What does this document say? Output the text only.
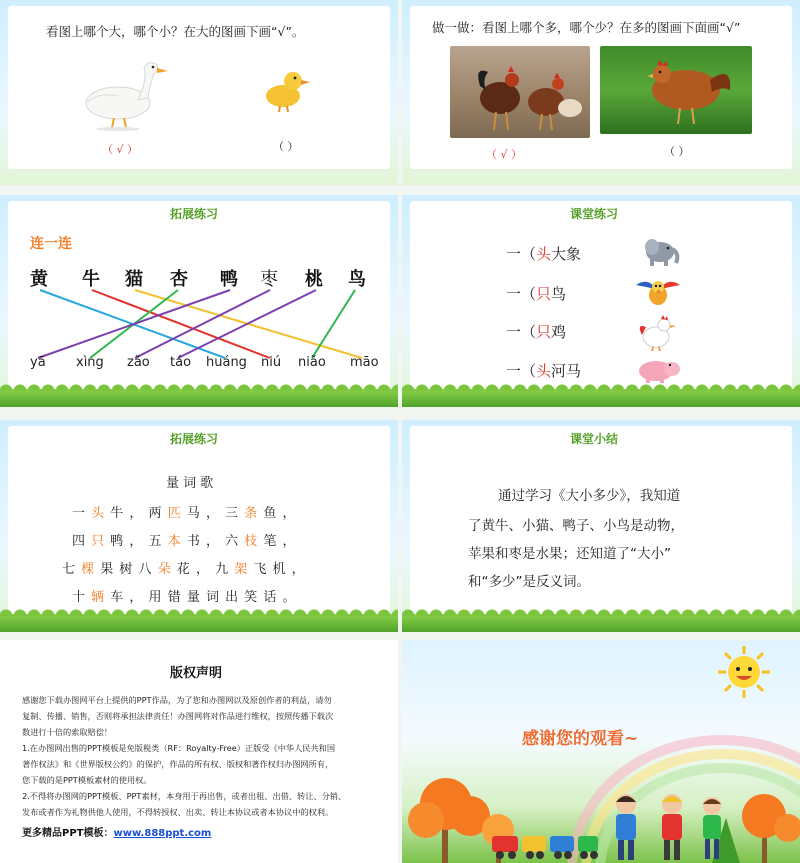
看图上哪个大，哪个小？在大的图画下画“√”。
（ √ ）	（ ）
做一做：看图上哪个多，哪个少？在多的图画下面画“√”
（ √ ）	（ ）
拓展练习
连一连
黄 牛 猫 杏 鸭 枣 桃 鸟
yā xìng zǎo táo huáng niú niǎo māo
课堂练习
一（头大象
一（只鸟
一（只鸡
一（头河马
拓展练习
量 词 歌
一 头 牛 ， 两 匹 马 ， 三 条 鱼 ，
四 只 鸭 ， 五 本 书 ， 六 枝 笔 ，
七 棵 果 树 八 朵 花 ， 九 架 飞 机 ，
十 辆 车 ， 用 错 量 词 出 笑 话 。
课堂小结
通过学习《大小多少》，我知道
了黄牛、小猫、鸭子、小鸟是动物，
苹果和枣是水果；还知道了“大小”
和“多少”是反义词。
版权声明
感谢您下载办图网平台上提供的PPT作品，为了您和办图网以及原创作者的利益，请勿
复制、传播、销售，否则将承担法律责任！办图网将对作品进行维权，按照传播下载次
数进行十倍的索取赔偿！
1.在办图网出售的PPT模板是免版税类（RF：Royalty-Free）正版受《中华人民共和国
著作权法》和《世界版权公约》的保护，作品的所有权、版权和著作权归办图网所有，
您下载的是PPT模板素材的使用权。
2.不得将办图网的PPT模板、PPT素材，本身用于再出售，或者出租、出借、转让、分销、
发布或者作为礼物供他人使用，不得转授权、出卖、转让本协议或者本协议中的权利。
更多精品PPT模板：www.888ppt.com
感谢您的观看~
